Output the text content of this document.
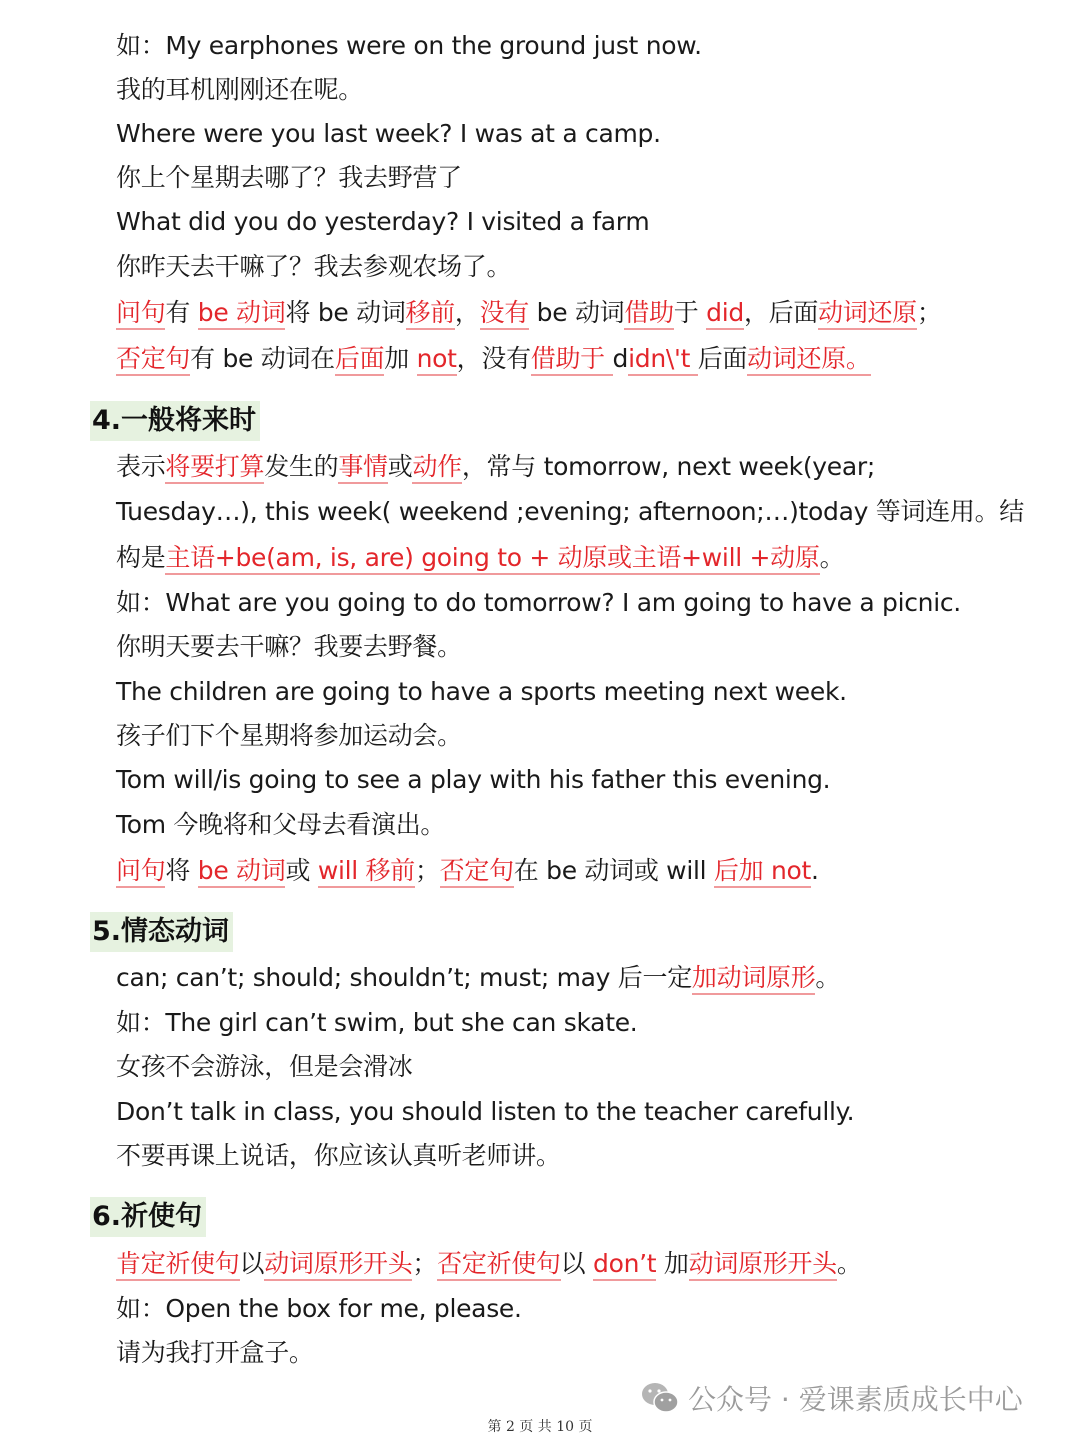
如：My earphones were on the ground just now.
我的耳机刚刚还在呢。
Where were you last week? I was at a camp.
你上个星期去哪了？我去野营了
What did you do yesterday? I visited a farm
你昨天去干嘛了？我去参观农场了。
问句有 be 动词将 be 动词移前，没有 be 动词借助于 did，后面动词还原；
否定句有 be 动词在后面加 not，没有借助于 didn\'t 后面动词还原。
4.一般将来时
表示将要打算发生的事情或动作，常与 tomorrow, next week(year;
Tuesday…), this week( weekend ;evening; afternoon;…)today 等词连用。结
构是主语+be(am, is, are) going to + 动原或主语+will +动原。
如：What are you going to do tomorrow? I am going to have a picnic.
你明天要去干嘛？我要去野餐。
The children are going to have a sports meeting next week.
孩子们下个星期将参加运动会。
Tom will/is going to see a play with his father this evening.
Tom 今晚将和父母去看演出。
问句将 be 动词或 will 移前；否定句在 be 动词或 will 后加 not.
5.情态动词
can; can’t; should; shouldn’t; must; may 后一定加动词原形。
如：The girl can’t swim, but she can skate.
女孩不会游泳，但是会滑冰
Don’t talk in class, you should listen to the teacher carefully.
不要再课上说话，你应该认真听老师讲。
6.祈使句
肯定祈使句以动词原形开头；否定祈使句以 don’t 加动词原形开头。
如：Open the box for me, please.
请为我打开盒子。
公众号 · 爱课素质成长中心
第 2 页 共 10 页
